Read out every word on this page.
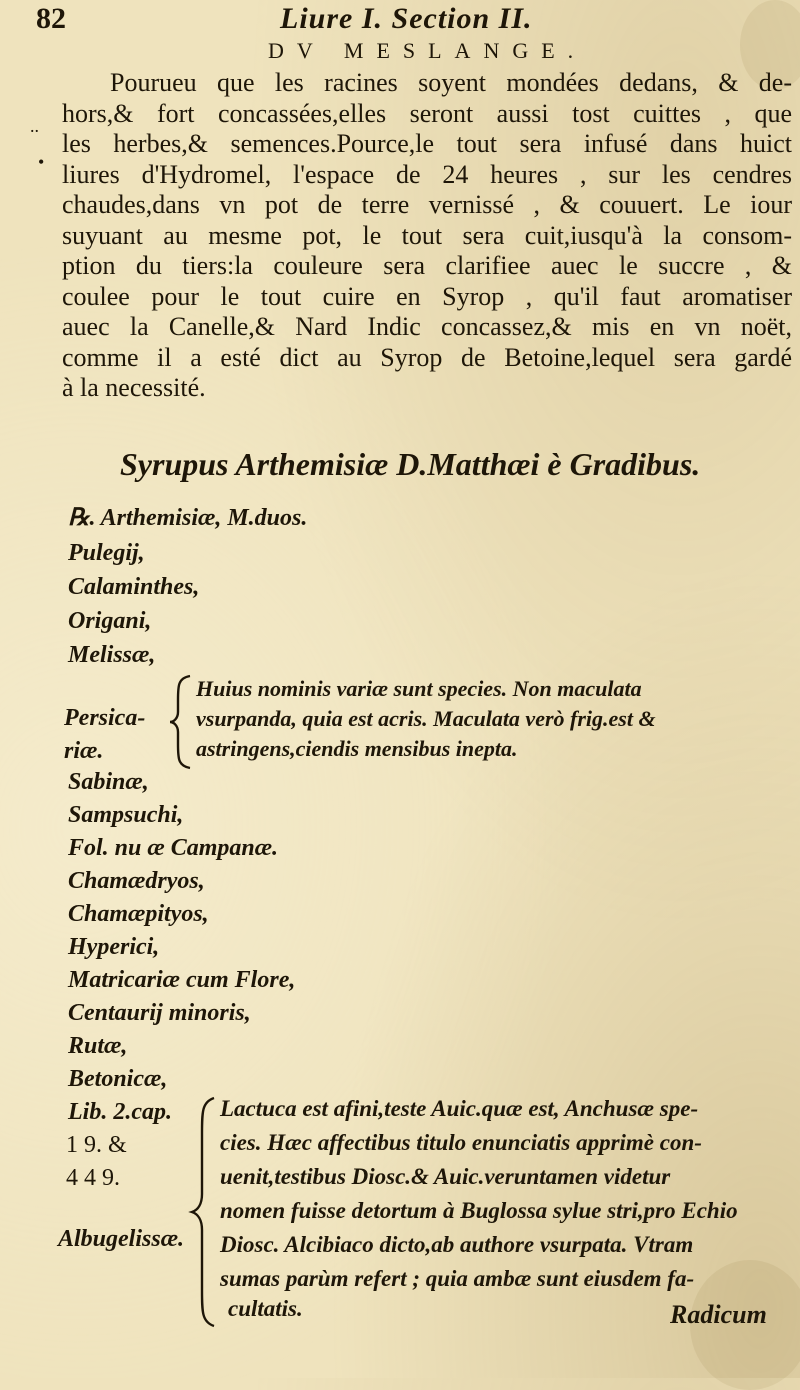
82	Liure I. Section II.
DV MESLANGE.
..
•
Pourueu que les racines soyent mondées dedans, & de-
hors,& fort concassées,elles seront aussi tost cuittes , que
les herbes,& semences.Pource,le tout sera infusé dans huict
liures d'Hydromel, l'espace de 24 heures , sur les cendres
chaudes,dans vn pot de terre vernissé , & couuert. Le iour
suyuant au mesme pot, le tout sera cuit,iusqu'à la consom-
ption du tiers:la couleure sera clarifiee auec le succre , &
coulee pour le tout cuire en Syrop , qu'il faut aromatiser
auec la Canelle,& Nard Indic concassez,& mis en vn noët,
comme il a esté dict au Syrop de Betoine,lequel sera gardé
à la necessité.
Syrupus Arthemisiæ D.Matthæi è Gradibus.
℞. Arthemisiæ, M.duos.
Pulegij,
Calaminthes,
Origani,
Melissæ,
Persica-
riæ.
Huius nominis variæ sunt species. Non maculata
vsurpanda, quia est acris. Maculata verò frig.est &
astringens,ciendis mensibus inepta.
Sabinæ,
Sampsuchi,
Fol. nu æ Campanæ.
Chamædryos,
Chamæpityos,
Hyperici,
Matricariæ cum Flore,
Centaurij minoris,
Rutæ,
Betonicæ,
Lib. 2.cap.
1 9. &
4 4 9.
Albugelissæ.
Lactuca est afini,teste Auic.quæ est, Anchusæ spe-
cies. Hæc affectibus titulo enunciatis apprimè con-
uenit,testibus Diosc.& Auic.veruntamen videtur
nomen fuisse detortum à Buglossa sylue stri,pro Echio
Diosc. Alcibiaco dicto,ab authore vsurpata. Vtram
sumas parùm refert ; quia ambæ sunt eiusdem fa-
cultatis.	Radicum
